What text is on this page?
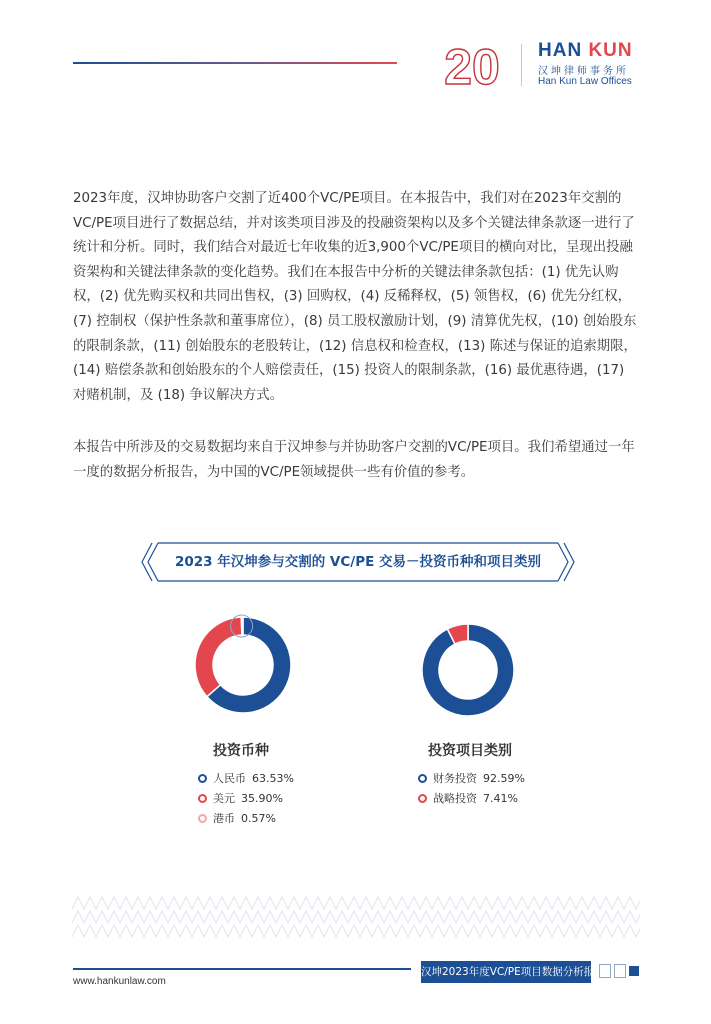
20 HAN KUN
汉坤律师事务所
Han Kun Law Offices

2023年度，汉坤协助客户交割了近400个VC/PE项目。在本报告中，我们对在2023年交割的VC/PE项目进行了数据总结，并对该类项目涉及的投融资架构以及多个关键法律条款逐一进行了统计和分析。同时，我们结合对最近七年收集的近3,900个VC/PE项目的横向对比，呈现出投融资架构和关键法律条款的变化趋势。我们在本报告中分析的关键法律条款包括：(1) 优先认购权，(2) 优先购买权和共同出售权，(3) 回购权，(4) 反稀释权，(5) 领售权，(6) 优先分红权，(7) 控制权（保护性条款和董事席位），(8) 员工股权激励计划，(9) 清算优先权，(10) 创始股东的限制条款，(11) 创始股东的老股转让，(12) 信息权和检查权，(13) 陈述与保证的追索期限，(14) 赔偿条款和创始股东的个人赔偿责任，(15) 投资人的限制条款，(16) 最优惠待遇，(17) 对赌机制，及 (18) 争议解决方式。

本报告中所涉及的交易数据均来自于汉坤参与并协助客户交割的VC/PE项目。我们希望通过一年一度的数据分析报告，为中国的VC/PE领域提供一些有价值的参考。

2023 年汉坤参与交割的 VC/PE 交易－投资币种和项目类别
投资币种	投资项目类别
人民币 63.53%
美元 35.90%
港币 0.57%
财务投资 92.59%
战略投资 7.41%
www.hankunlaw.com
汉坤2023年度VC/PE项目数据分析报告
